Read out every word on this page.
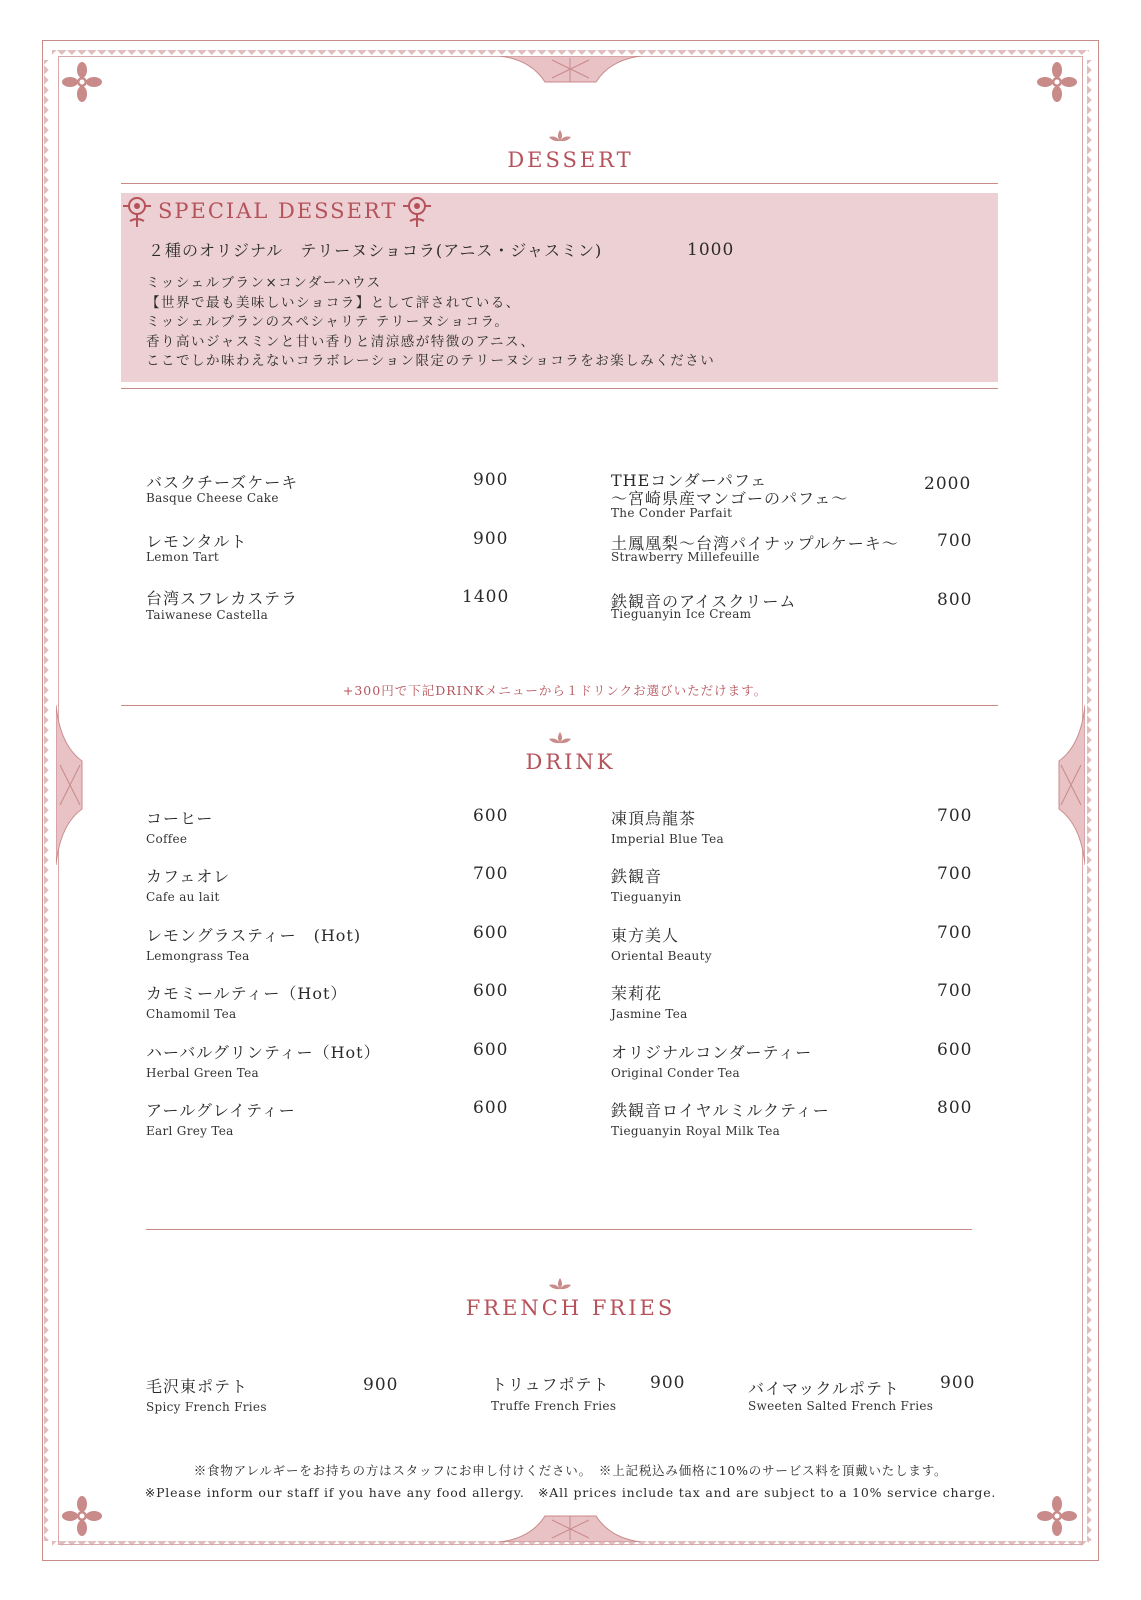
DESSERT
SPECIAL DESSERT
２種のオリジナル　テリーヌショコラ(アニス・ジャスミン)	1000
ミッシェルブラン×コンダーハウス
【世界で最も美味しいショコラ】として評されている、
ミッシェルブランのスペシャリテ テリーヌショコラ。
香り高いジャスミンと甘い香りと清涼感が特徴のアニス、
ここでしか味わえないコラボレーション限定のテリーヌショコラをお楽しみください
バスクチーズケーキ
Basque Cheese Cake
900
レモンタルト
Lemon Tart
900
台湾スフレカステラ
Taiwanese Castella
1400
THEコンダーパフェ
～宮崎県産マンゴーのパフェ～
The Conder Parfait
2000
土鳳凰梨～台湾パイナップルケーキ～
Strawberry Millefeuille
700
鉄観音のアイスクリーム
Tieguanyin Ice Cream
800
+300円で下記DRINKメニューから１ドリンクお選びいただけます。
DRINK
コーヒー
Coffee
600
カフェオレ
Cafe au lait
700
レモングラスティー　(Hot)
Lemongrass Tea
600
カモミールティー（Hot）
Chamomil Tea
600
ハーバルグリンティー（Hot）
Herbal Green Tea
600
アールグレイティー
Earl Grey Tea
600
凍頂烏龍茶
Imperial Blue Tea
700
鉄観音
Tieguanyin
700
東方美人
Oriental Beauty
700
茉莉花
Jasmine Tea
700
オリジナルコンダーティー
Original Conder Tea
600
鉄観音ロイヤルミルクティー
Tieguanyin Royal Milk Tea
800
FRENCH FRIES
毛沢東ポテト
Spicy French Fries
900	トリュフポテト
Truffe French Fries
900	バイマックルポテト
Sweeten Salted French Fries
900
※食物アレルギーをお持ちの方はスタッフにお申し付けください。　※上記税込み価格に10%のサービス料を頂戴いたします。
※Please inform our staff if you have any food allergy.　※All prices include tax and are subject to a 10% service charge.
